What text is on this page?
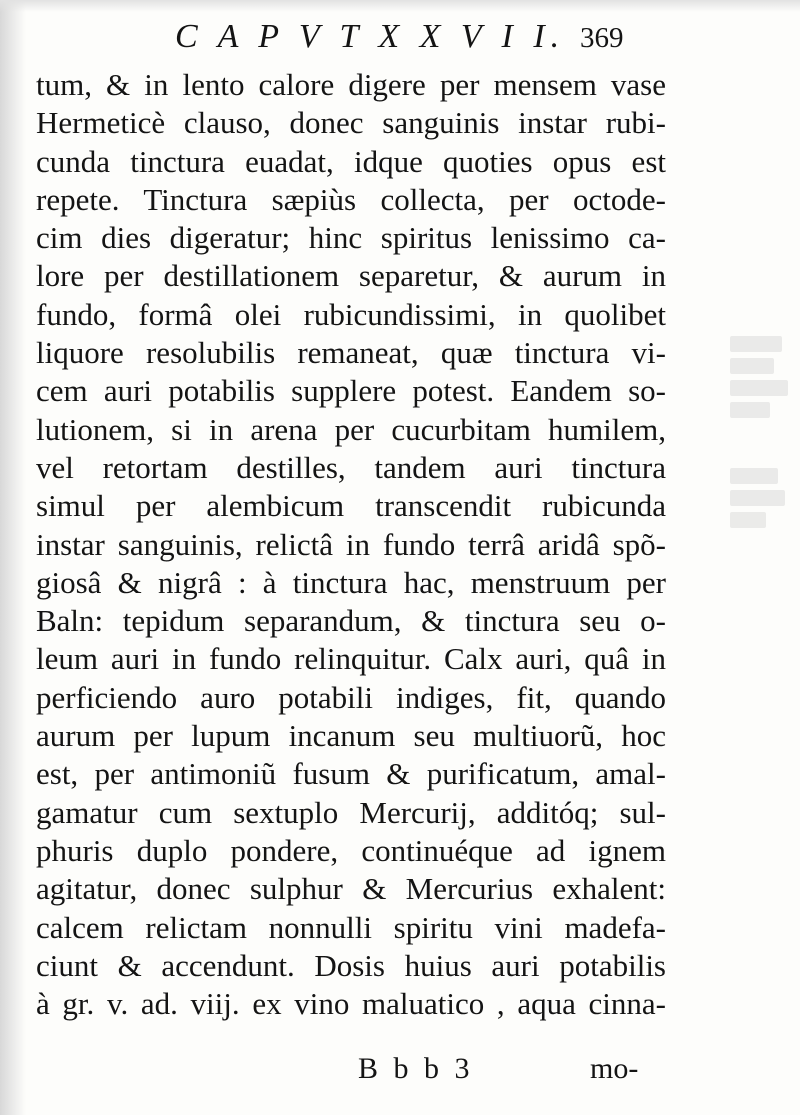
C A P V T X X V I I. 369
tum, & in lento calore digere per mensem vase
Hermeticè clauso, donec sanguinis instar rubi-
cunda tinctura euadat, idque quoties opus est
repete. Tinctura sæpiùs collecta, per octode-
cim dies digeratur; hinc spiritus lenissimo ca-
lore per destillationem separetur, & aurum in
fundo, formâ olei rubicundissimi, in quolibet
liquore resolubilis remaneat, quæ tinctura vi-
cem auri potabilis supplere potest. Eandem so-
lutionem, si in arena per cucurbitam humilem,
vel retortam destilles, tandem auri tinctura
simul per alembicum transcendit rubicunda
instar sanguinis, relictâ in fundo terrâ aridâ spõ-
giosâ & nigrâ : à tinctura hac, menstruum per
Baln: tepidum separandum, & tinctura seu o-
leum auri in fundo relinquitur. Calx auri, quâ in
perficiendo auro potabili indiges, fit, quando
aurum per lupum incanum seu multiuorũ, hoc
est, per antimoniũ fusum & purificatum, amal-
gamatur cum sextuplo Mercurij, additóq; sul-
phuris duplo pondere, continuéque ad ignem
agitatur, donec sulphur & Mercurius exhalent:
calcem relictam nonnulli spiritu vini madefa-
ciunt & accendunt. Dosis huius auri potabilis
à gr. v. ad. viij. ex vino maluatico , aqua cinna-
B b b 3	mo-
